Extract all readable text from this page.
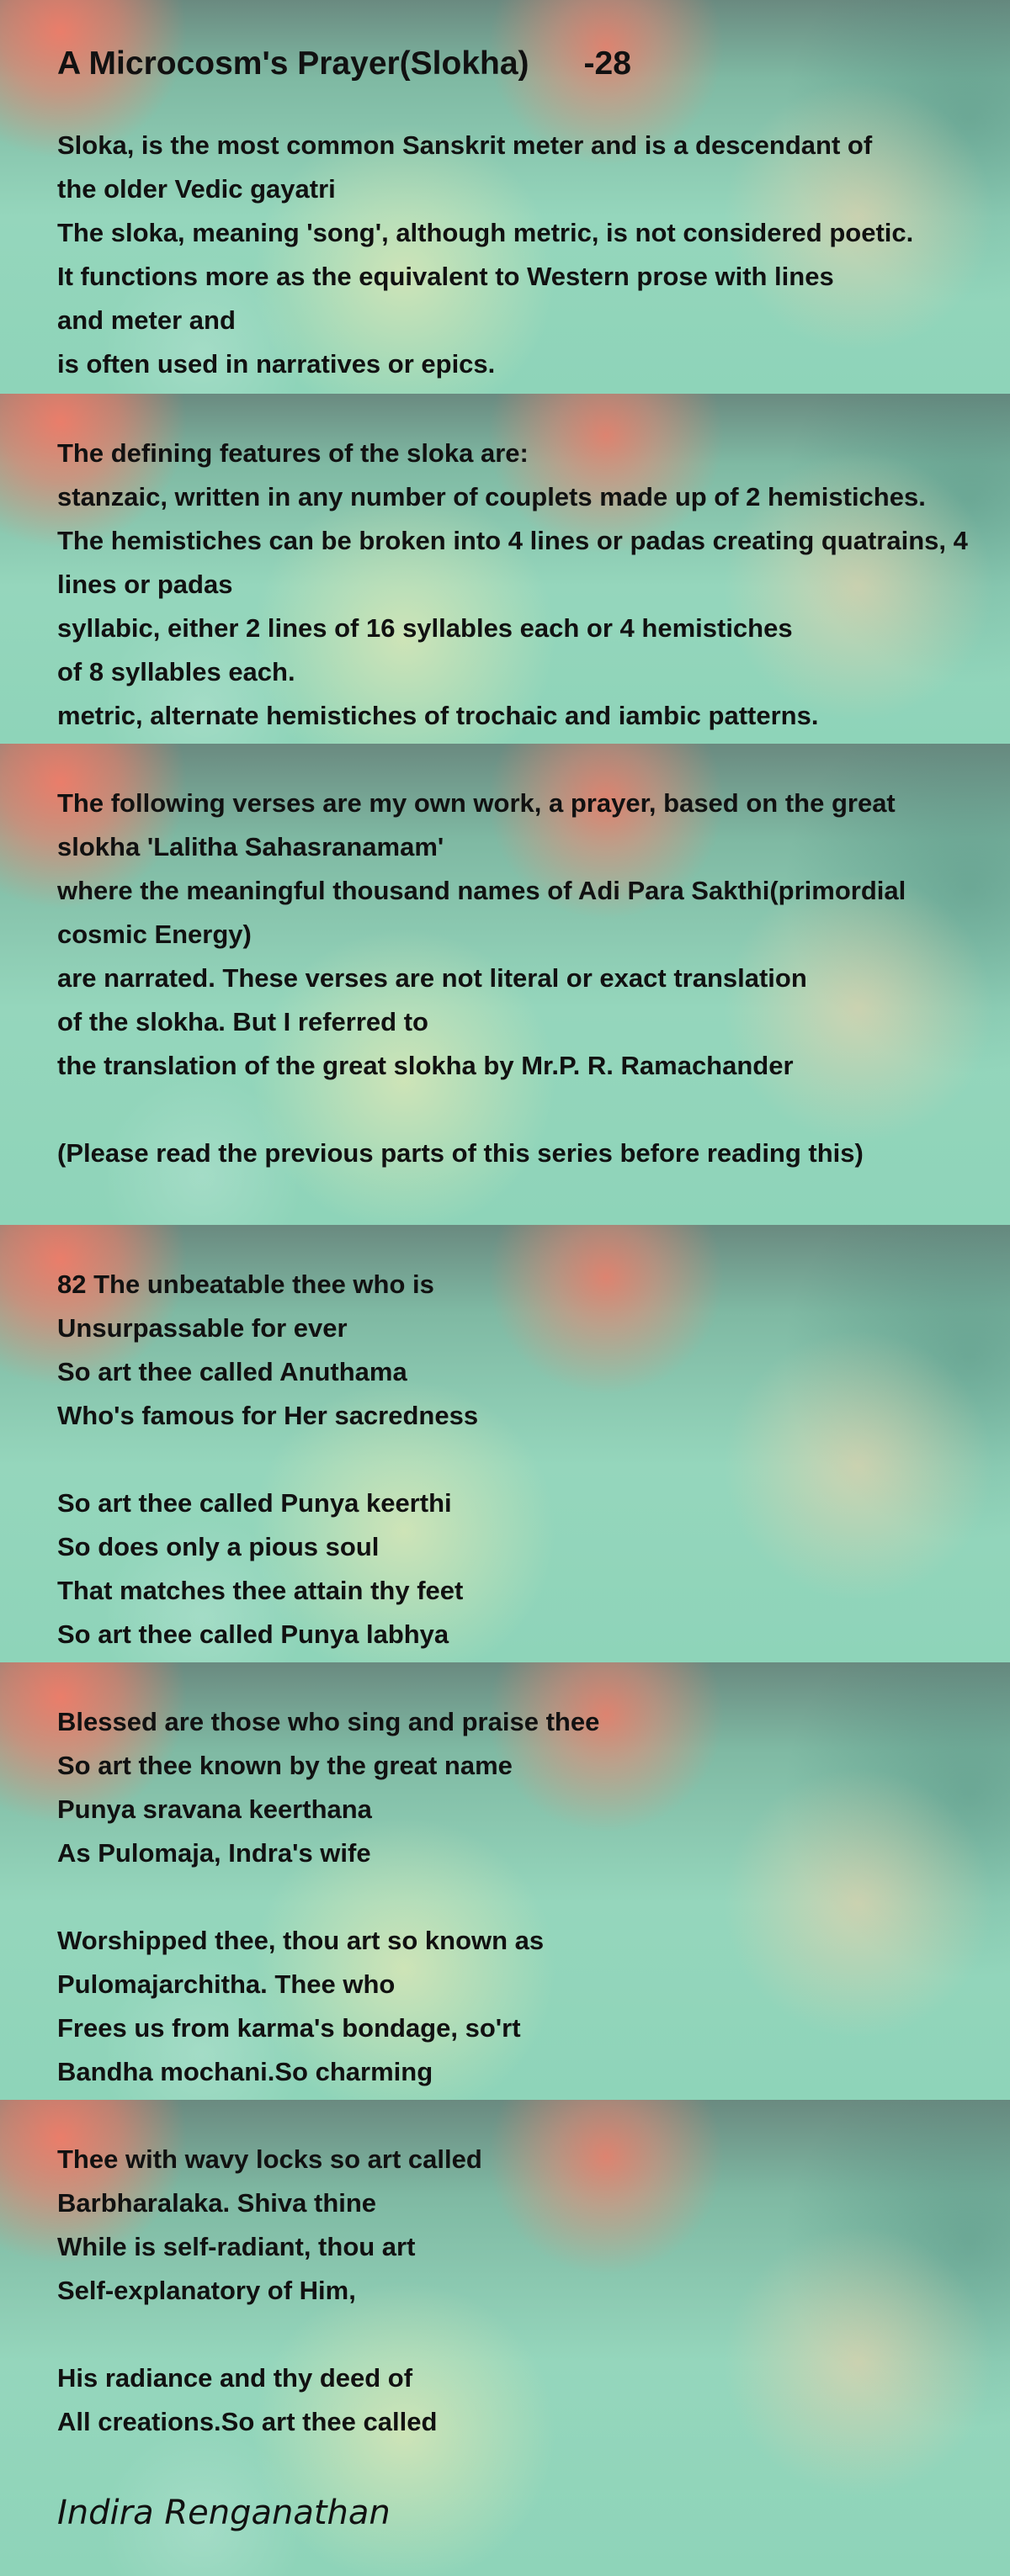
A Microcosm's Prayer(Slokha)      -28
Sloka, is the most common Sanskrit meter and is a descendant of
the older Vedic gayatri
The sloka, meaning 'song', although metric, is not considered poetic.
It functions more as the equivalent to Western prose with lines
and meter and
is often used in narratives or epics.
The defining features of the sloka are:
stanzaic, written in any number of couplets made up of 2 hemistiches.
The hemistiches can be broken into 4 lines or padas creating quatrains, 4
lines or padas
syllabic, either 2 lines of 16 syllables each or 4 hemistiches
of 8 syllables each.
metric, alternate hemistiches of trochaic and iambic patterns.
The following verses are my own work, a prayer, based on the great
slokha 'Lalitha Sahasranamam'
where the meaningful thousand names of Adi Para Sakthi(primordial
cosmic Energy)
are narrated. These verses are not literal or exact translation
of the slokha. But I referred to
the translation of the great slokha by Mr.P. R. Ramachander
(Please read the previous parts of this series before reading this)
82 The unbeatable thee who is
Unsurpassable for ever
So art thee called Anuthama
Who's famous for Her sacredness
So art thee called Punya keerthi
So does only a pious soul
That matches thee attain thy feet
So art thee called Punya labhya
Blessed are those who sing and praise thee
So art thee known by the great name
Punya sravana keerthana
As Pulomaja, Indra's wife
Worshipped thee, thou art so known as
Pulomajarchitha. Thee who
Frees us from karma's bondage, so'rt
Bandha mochani.So charming
Thee with wavy locks so art called
Barbharalaka. Shiva thine
While is self-radiant, thou art
Self-explanatory of Him,
His radiance and thy deed of
All creations.So art thee called
Indira Renganathan
